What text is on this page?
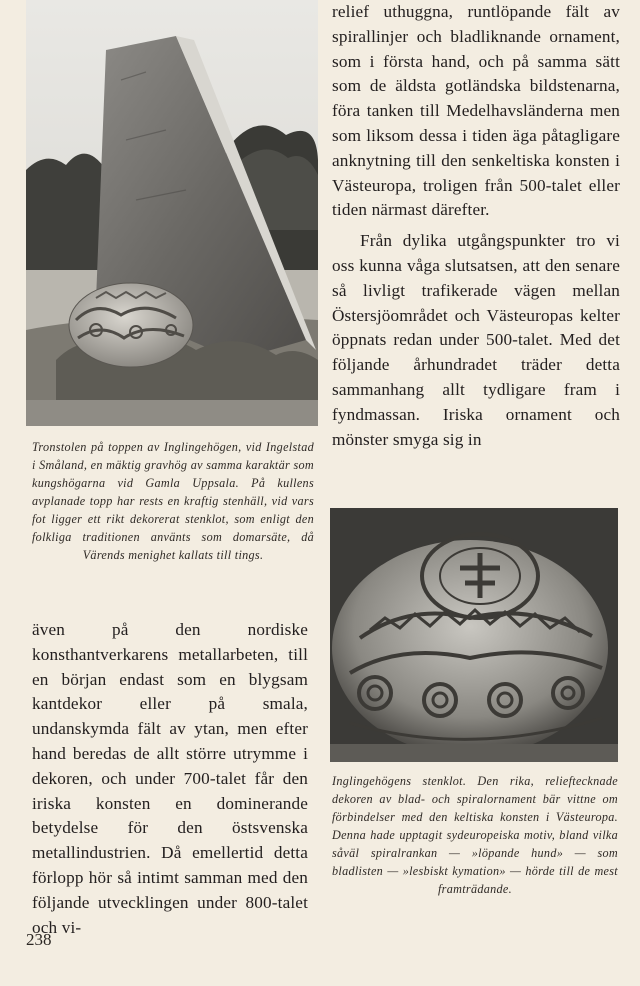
Tronstolen på toppen av Inglingehögen, vid Ingelstad i Småland, en mäktig gravhög av samma karaktär som kungshögarna vid Gamla Uppsala. På kullens avplanade topp har rests en kraftig stenhäll, vid vars fot ligger ett rikt dekorerat stenklot, som enligt den folkliga traditionen använts som domarsäte, då Värends menighet kallats till tings.

relief uthuggna, runtlöpande fält av spirallinjer och bladliknande ornament, som i första hand, och på samma sätt som de äldsta gotländska bildstenarna, föra tanken till Medelhavsländerna men som liksom dessa i tiden äga påtagligare anknytning till den senkeltiska konsten i Västeuropa, troligen från 500-talet eller tiden närmast därefter.

Från dylika utgångspunkter tro vi oss kunna våga slutsatsen, att den senare så livligt trafikerade vägen mellan Östersjöområdet och Västeuropas kelter öppnats redan under 500-talet. Med det följande århundradet träder detta sammanhang allt tydligare fram i fyndmassan. Iriska ornament och mönster smyga sig in

även på den nordiske konsthantverkarens metallarbeten, till en början endast som en blygsam kantdekor eller på smala, undanskymda fält av ytan, men efter hand beredas de allt större utrymme i dekoren, och under 700-talet får den iriska konsten en dominerande betydelse för den östsvenska metallindustrien. Då emellertid detta förlopp hör så intimt samman med den följande utvecklingen under 800-talet och vi-

Inglingehögens stenklot. Den rika, relieftecknade dekoren av blad- och spiralornament bär vittne om förbindelser med den keltiska konsten i Västeuropa. Denna hade upptagit sydeuropeiska motiv, bland vilka såväl spiralrankan — »löpande hund» — som bladlisten — »lesbiskt kymation» — hörde till de mest framträdande.
238
